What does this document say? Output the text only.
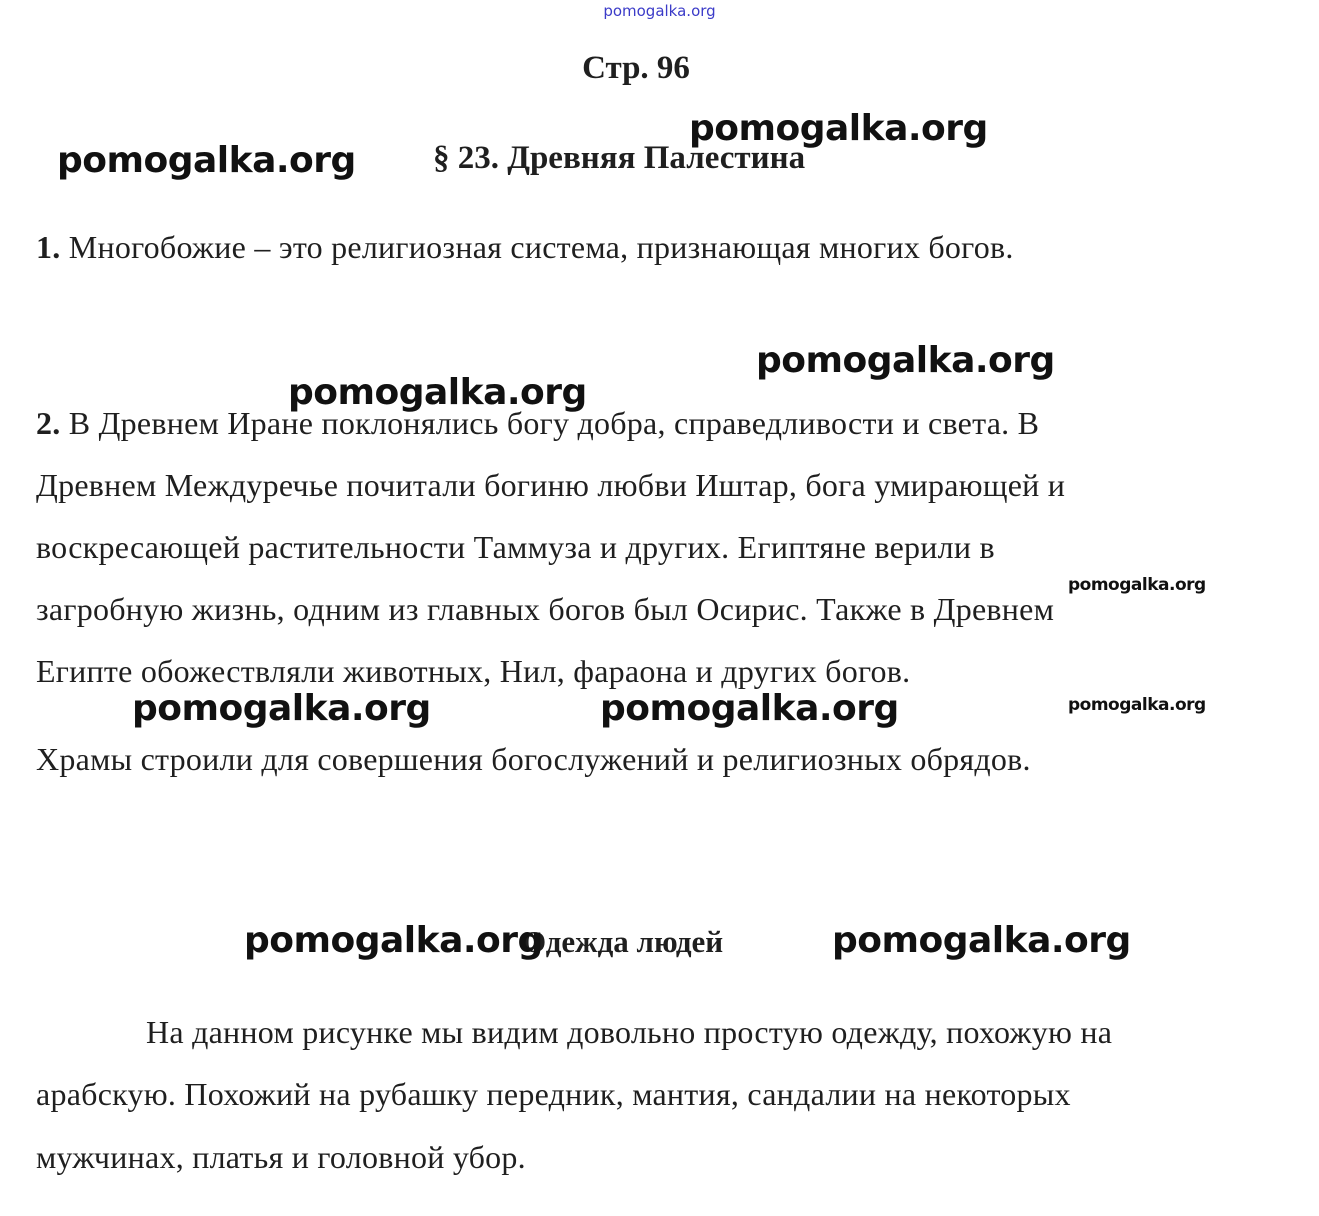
Стр. 96
§ 23. Древняя Палестина
1. Многобожие – это религиозная система, признающая многих богов.
2. В Древнем Иране поклонялись богу добра, справедливости и света. В
Древнем Междуречье почитали богиню любви Иштар, бога умирающей и
воскресающей растительности Таммуза и других. Египтяне верили в
загробную жизнь, одним из главных богов был Осирис. Также в Древнем
Египте обожествляли животных, Нил, фараона и других богов.
Храмы строили для совершения богослужений и религиозных обрядов.
Одежда людей
На данном рисунке мы видим довольно простую одежду, похожую на
арабскую. Похожий на рубашку передник, мантия, сандалии на некоторых
мужчинах, платья и головной убор.
pomogalka.org
pomogalka.org
pomogalka.org
pomogalka.org
pomogalka.org
pomogalka.org
pomogalka.org	pomogalka.org	pomogalka.org
pomogalka.org	pomogalka.org
